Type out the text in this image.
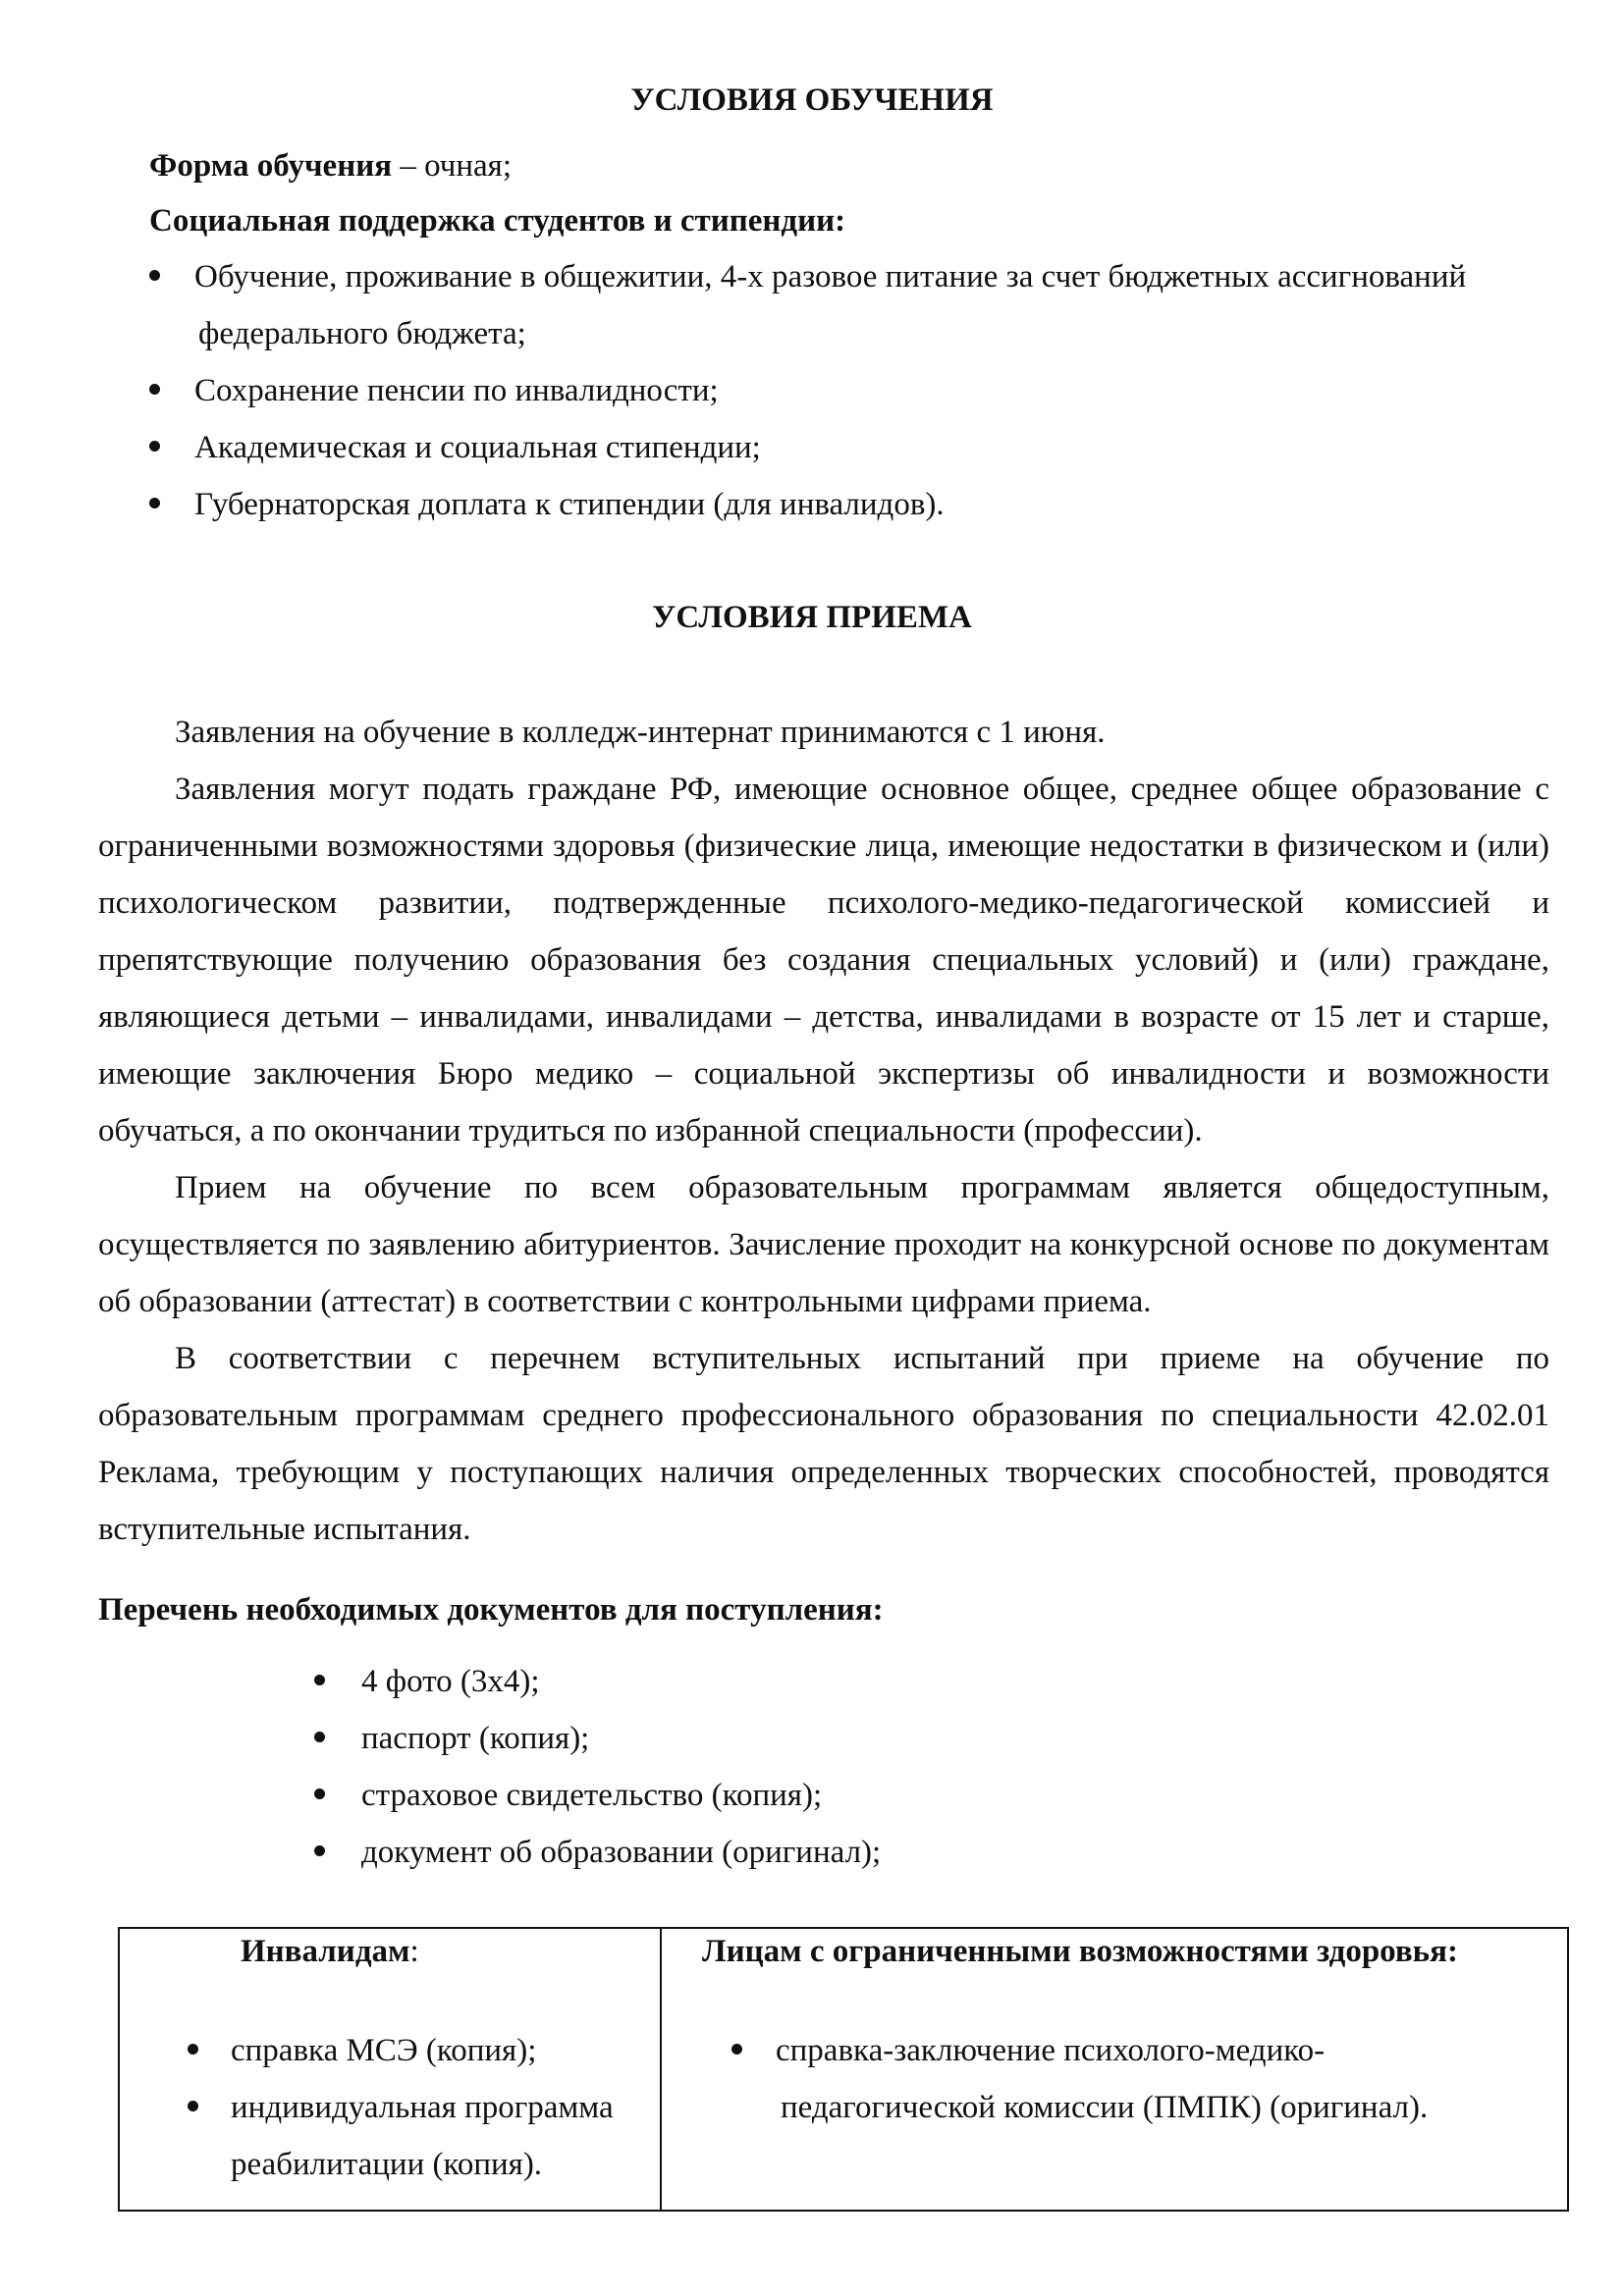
УСЛОВИЯ ОБУЧЕНИЯ
Форма обучения – очная;
Социальная поддержка студентов и стипендии:
Обучение, проживание в общежитии, 4-х разовое питание за счет бюджетных ассигнований
федерального бюджета;
Сохранение пенсии по инвалидности;
Академическая и социальная стипендии;
Губернаторская доплата к стипендии (для инвалидов).
УСЛОВИЯ ПРИЕМА

Заявления на обучение в колледж-интернат принимаются с 1 июня.

Заявления могут подать граждане РФ, имеющие основное общее, среднее общее образование с ограниченными возможностями здоровья (физические лица, имеющие недостатки в физическом и (или) психологическом развитии, подтвержденные психолого-медико-педагогической комиссией и препятствующие получению образования без создания специальных условий) и (или) граждане, являющиеся детьми – инвалидами, инвалидами – детства, инвалидами в возрасте от 15 лет и старше, имеющие заключения Бюро медико – социальной экспертизы об инвалидности и возможности обучаться, а по окончании трудиться по избранной специальности (профессии).

Прием на обучение по всем образовательным программам является общедоступным, осуществляется по заявлению абитуриентов. Зачисление проходит на конкурсной основе по документам об образовании (аттестат) в соответствии с контрольными цифрами приема.

В соответствии с перечнем вступительных испытаний при приеме на обучение по образовательным программам среднего профессионального образования по специальности 42.02.01 Реклама, требующим у поступающих наличия определенных творческих способностей, проводятся вступительные испытания.

Перечень необходимых документов для поступления:
4 фото (3х4);
паспорт (копия);
страховое свидетельство (копия);
документ об образовании (оригинал);
Инвалидам:
справка МСЭ (копия);
индивидуальная программа
реабилитации (копия).
Лицам с ограниченными возможностями здоровья:
справка-заключение психолого-медико-
педагогической комиссии (ПМПК) (оригинал).
